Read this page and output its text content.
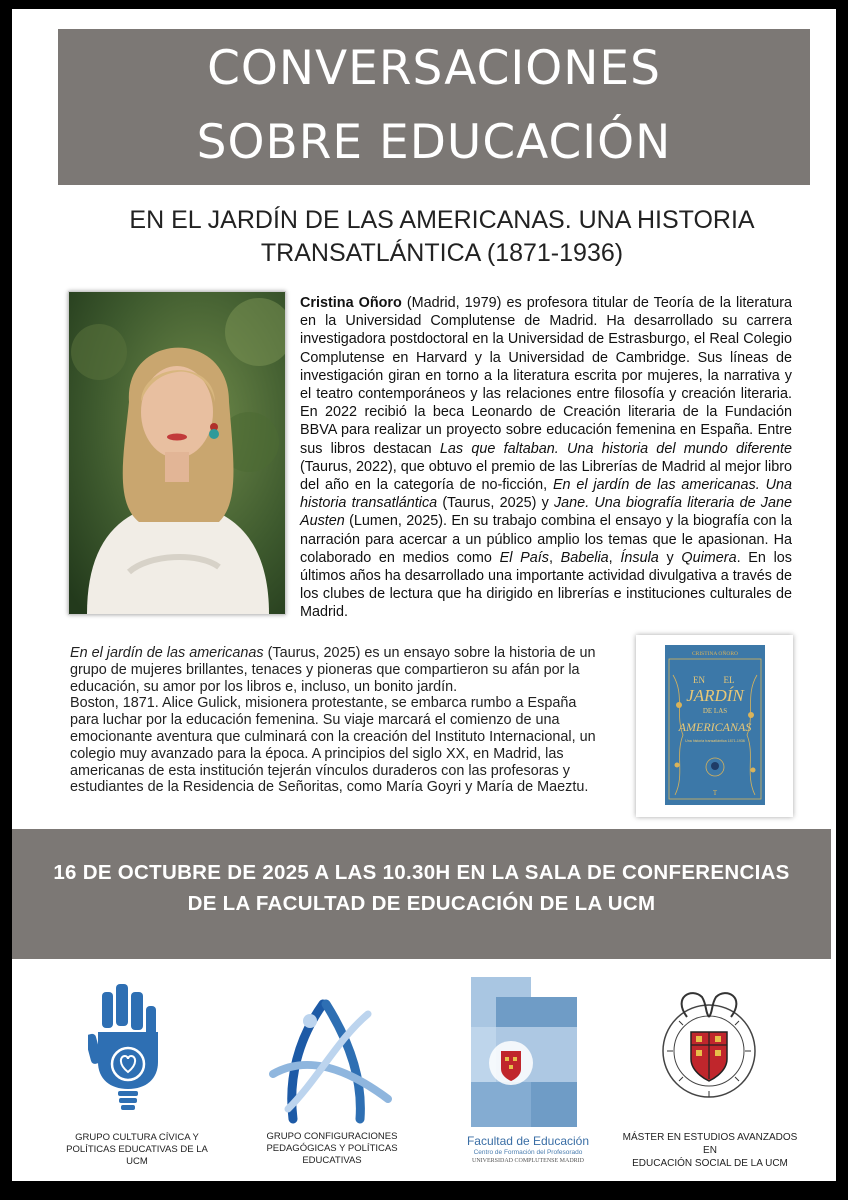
CONVERSACIONES
SOBRE EDUCACIÓN
EN EL JARDÍN DE LAS AMERICANAS. UNA HISTORIA
TRANSATLÁNTICA (1871-1936)
Cristina Oñoro (Madrid, 1979) es profesora titular de Teoría de la literatura en la Universidad Complutense de Madrid. Ha desarrollado su carrera investigadora postdoctoral en la Universidad de Estrasburgo, el Real Colegio Complutense en Harvard y la Universidad de Cambridge. Sus líneas de investigación giran en torno a la literatura escrita por mujeres, la narrativa y el teatro contemporáneos y las relaciones entre filosofía y creación literaria. En 2022 recibió la beca Leonardo de Creación literaria de la Fundación BBVA para realizar un proyecto sobre educación femenina en España. Entre sus libros destacan Las que faltaban. Una historia del mundo diferente (Taurus, 2022), que obtuvo el premio de las Librerías de Madrid al mejor libro del año en la categoría de no-ficción, En el jardín de las americanas. Una historia transatlántica (Taurus, 2025) y Jane. Una biografía literaria de Jane Austen (Lumen, 2025). En su trabajo combina el ensayo y la biografía con la narración para acercar a un público amplio los temas que le apasionan. Ha colaborado en medios como El País, Babelia, Ínsula y Quimera. En los últimos años ha desarrollado una importante actividad divulgativa a través de los clubes de lectura que ha dirigido en librerías e instituciones culturales de Madrid.
En el jardín de las americanas (Taurus, 2025) es un ensayo sobre la historia de un grupo de mujeres brillantes, tenaces y pioneras que compartieron su afán por la educación, su amor por los libros e, incluso, un bonito jardín.
Boston, 1871. Alice Gulick, misionera protestante, se embarca rumbo a España para luchar por la educación femenina. Su viaje marcará el comienzo de una emocionante aventura que culminará con la creación del Instituto Internacional, un colegio muy avanzado para la época. A principios del siglo XX, en Madrid, las americanas de esta institución tejerán vínculos duraderos con las profesoras y estudiantes de la Residencia de Señoritas, como María Goyri y María de Maeztu.
CRISTINA OÑORO
EN EL
JARDÍN
DE LAS
AMERICANAS
Una historia transatlántica 1871-1936
T
16 DE OCTUBRE DE 2025 A LAS 10.30H EN LA SALA DE CONFERENCIAS
DE LA FACULTAD DE EDUCACIÓN DE LA UCM
GRUPO CULTURA CÍVICA Y
POLÍTICAS EDUCATIVAS DE LA
UCM
GRUPO CONFIGURACIONES
PEDAGÓGICAS Y POLÍTICAS
EDUCATIVAS
Facultad de Educación
Centro de Formación del Profesorado
UNIVERSIDAD COMPLUTENSE MADRID
MÁSTER EN ESTUDIOS AVANZADOS EN
EDUCACIÓN SOCIAL DE LA UCM
